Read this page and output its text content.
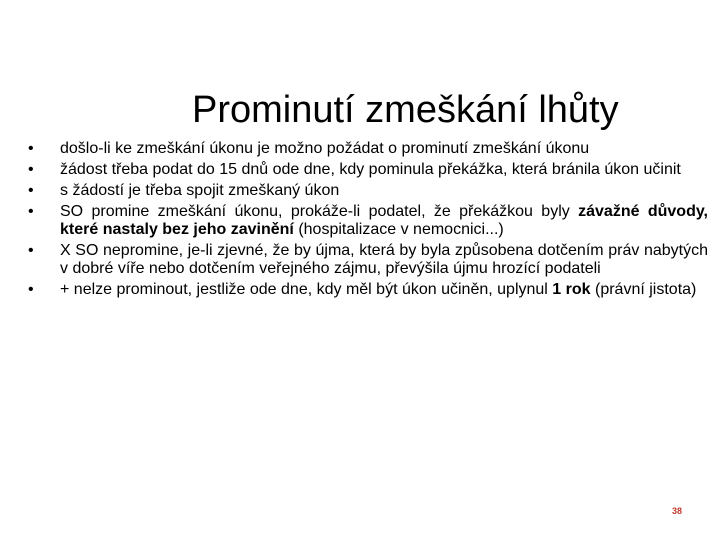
Prominutí zmeškání lhůty
•	došlo-li ke zmeškání úkonu je možno požádat o prominutí zmeškání úkonu
•	žádost třeba podat do 15 dnů ode dne, kdy pominula překážka, která bránila úkon učinit
•	s žádostí je třeba spojit zmeškaný úkon
•	SO promine zmeškání úkonu, prokáže-li podatel, že překážkou byly závažné důvody, které nastaly bez jeho zavinění (hospitalizace v nemocnici...)
•	X SO nepromine, je-li zjevné, že by újma, která by byla způsobena dotčením práv nabytých v dobré víře nebo dotčením veřejného zájmu, převýšila újmu hrozící podateli
•	+ nelze prominout, jestliže ode dne, kdy měl být úkon učiněn, uplynul 1 rok (právní jistota)
38
